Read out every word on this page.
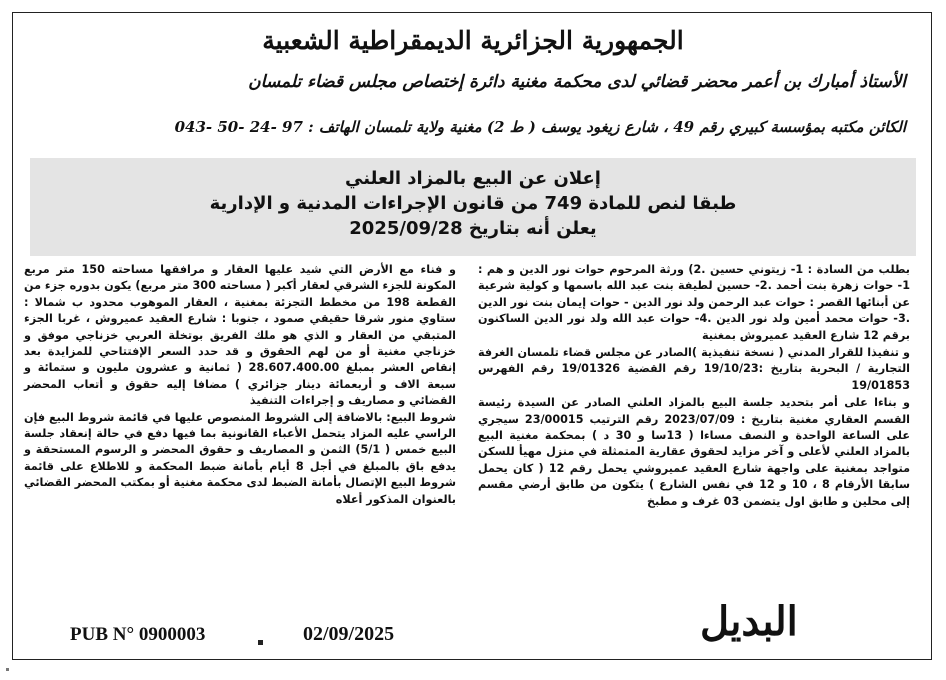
الجمهورية الجزائرية الديمقراطية الشعبية
الأستاذ أمبارك بن أعمر محضر قضائي لدى محكمة مغنية دائرة إختصاص مجلس قضاء تلمسان
الكائن مكتبه بمؤسسة كبيري رقم 49 ، شارع زيغود يوسف ( ط 2) مغنية ولاية تلمسان الهاتف : 97 -24 -50 -043
إعلان عن البيع بالمزاد العلني
طبقا لنص للمادة 749 من قانون الإجراءات المدنية و الإدارية
يعلن أنه بتاريخ 2025/09/28

بطلب من السادة : 1- زيتوني حسين .2) ورثة المرحوم حوات نور الدين و هم : 1- حوات زهرة بنت أحمد .2- حسين لطيفة بنت عبد الله باسمها و كولية شرعية عن أبنائها القصر : حوات عبد الرحمن ولد نور الدين - حوات إيمان بنت نور الدين .3- حوات محمد أمين ولد نور الدين .4- حوات عبد الله ولد نور الدين الساكنون برقم 12 شارع العقيد عميروش بمغنية

و تنفيذا للقرار المدني ( نسخة تنفيذية )الصادر عن مجلس قضاء تلمسان الغرفة التجارية / البحرية بتاريخ :19/10/23 رقم القضية 19/01326 رقم الفهرس 19/01853

و بناءا على أمر بتحديد جلسة البيع بالمزاد العلني الصادر عن السيدة رئيسة القسم العقاري مغنية بتاريخ : 2023/07/09 رقم الترتيب 23/00015 سيجري على الساعة الواحدة و النصف مساءا ( 13سا و 30 د ) بمحكمة مغنية البيع بالمزاد العلني لأعلى و آخر مزايد لحقوق عقارية المتمثلة في منزل مهيأ للسكن متواجد بمغنية على واجهة شارع العقيد عميروشي يحمل رقم 12 ( كان يحمل سابقا الأرقام 8 ، 10 و 12 في نفس الشارع ) يتكون من طابق أرضي مقسم إلى محلين و طابق اول يتضمن 03 غرف و مطبخ

و فناء مع الأرض التي شيد عليها العقار و مرافقها مساحته 150 متر مربع المكونة للجزء الشرقي لعقار أكبر ( مساحته 300 متر مربع) يكون بدوره جزء من القطعة 198 من مخطط التجزئة بمغنية ، العقار الموهوب محدود ب شمالا : ستاوي منور شرقا حقيقي صمود ، جنوبا : شارع العقيد عميروش ، غربا الجزء المتبقي من العقار و الذي هو ملك الفريق بوتخلة العربي خزناجي موفق و خزناجي مغنية أو من لهم الحقوق و قد حدد السعر الإفتتاحي للمزايدة بعد إنقاص العشر بمبلغ 28.607.400.00 ( ثمانية و عشرون مليون و ستمائة و سبعة الاف و أربعمائة دينار جزائري ) مضافا إليه حقوق و أتعاب المحضر القضائي و مصاريف و إجراءات التنفيذ

شروط البيع: بالاضافة إلى الشروط المنصوص عليها في قائمة شروط البيع فإن الراسي عليه المزاد يتحمل الأعباء القانونية بما فيها دفع في حالة إنعقاد جلسة البيع خمس ( 5/1) الثمن و المصاريف و حقوق المحضر و الرسوم المستحقة و يدفع باق بالمبلغ في أجل 8 أيام بأمانة ضبط المحكمة و للاطلاع على قائمة شروط البيع الإتصال بأمانة الضبط لدى محكمة مغنية أو بمكتب المحضر القضائي بالعنوان المذكور أعلاه

البديل
PUB N° 0900003	02/09/2025
